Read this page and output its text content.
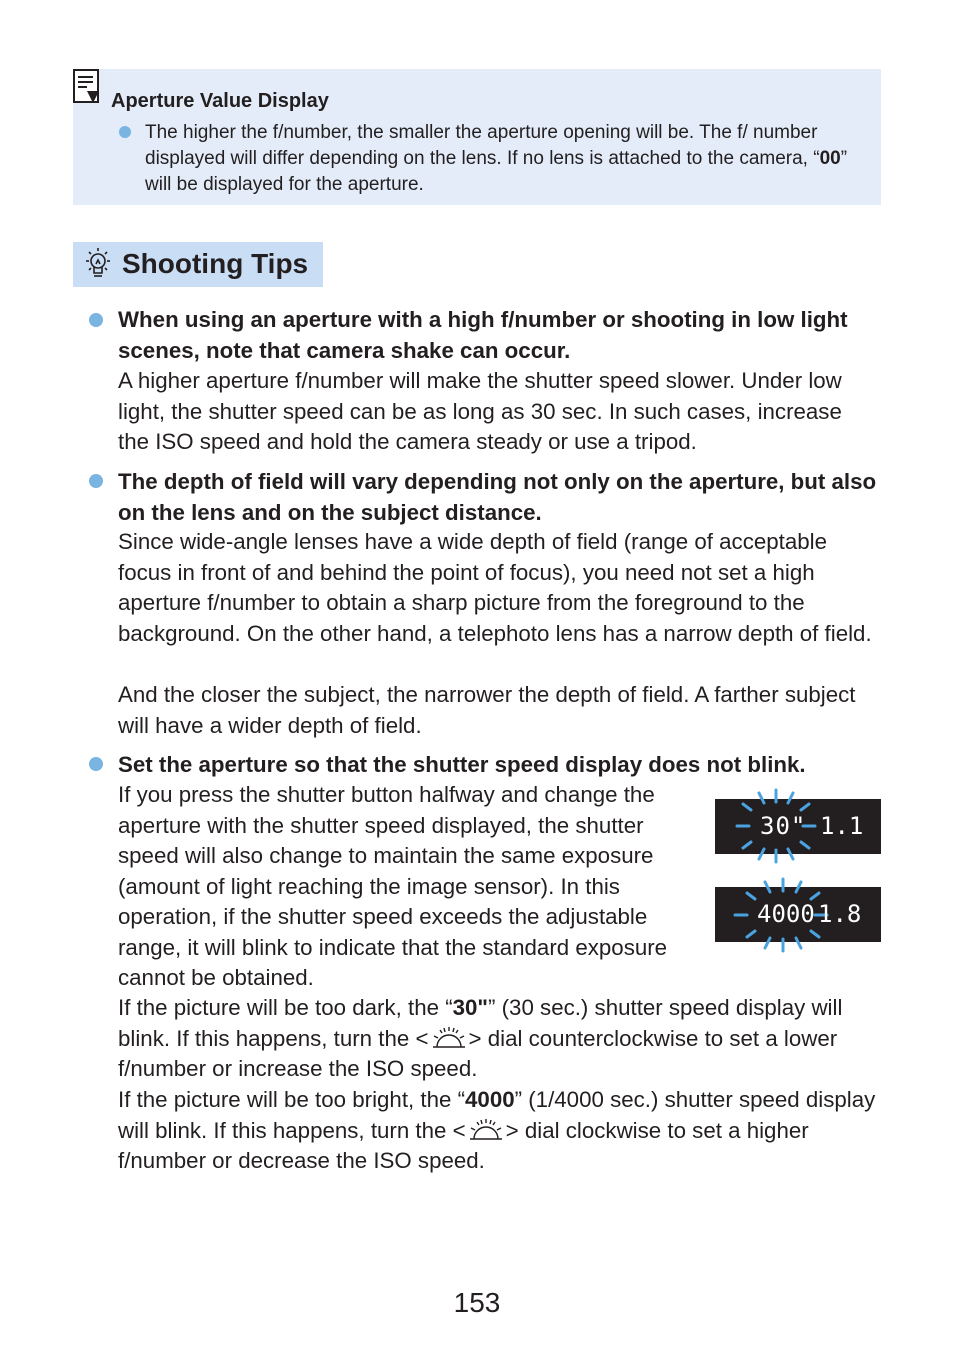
Aperture Value Display
The higher the f/number, the smaller the aperture opening will be. The f/ number displayed will differ depending on the lens. If no lens is attached to the camera, “00” will be displayed for the aperture.
Shooting Tips
When using an aperture with a high f/number or shooting in low light scenes, note that camera shake can occur.
A higher aperture f/number will make the shutter speed slower. Under low light, the shutter speed can be as long as 30 sec. In such cases, increase the ISO speed and hold the camera steady or use a tripod.
The depth of field will vary depending not only on the aperture, but also on the lens and on the subject distance.
Since wide-angle lenses have a wide depth of field (range of acceptable focus in front of and behind the point of focus), you need not set a high aperture f/number to obtain a sharp picture from the foreground to the background. On the other hand, a telephoto lens has a narrow depth of field.
And the closer the subject, the narrower the depth of field. A farther subject will have a wider depth of field.
Set the aperture so that the shutter speed display does not blink.
If you press the shutter button halfway and change the aperture with the shutter speed displayed, the shutter speed will also change to maintain the same exposure (amount of light reaching the image sensor). In this operation, if the shutter speed exceeds the adjustable range, it will blink to indicate that the standard exposure cannot be obtained.
30" 1.1
4000 1.8
If the picture will be too dark, the “30"” (30 sec.) shutter speed display will blink. If this happens, turn the < > dial counterclockwise to set a lower f/number or increase the ISO speed.
If the picture will be too bright, the “4000” (1/4000 sec.) shutter speed display will blink. If this happens, turn the < > dial clockwise to set a higher f/number or decrease the ISO speed.
153
